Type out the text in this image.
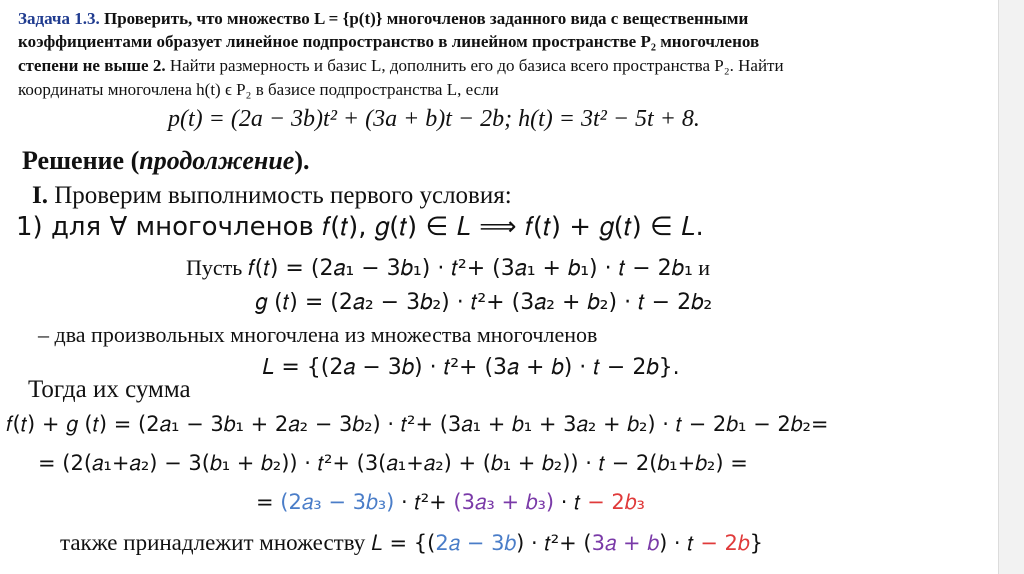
Задача 1.3. Проверить, что множество L = {p(t)} многочленов заданного вида с вещественными
коэффициентами образует линейное подпространство в линейном пространстве P₂ многочленов
степени не выше 2. Найти размерность и базис L, дополнить его до базиса всего пространства P₂. Найти
координаты многочлена h(t) ϵ P₂ в базисе подпространства L, если
p(t) = (2a − 3b)t² + (3a + b)t − 2b; h(t) = 3t² − 5t + 8.
Решение (продолжение).
I. Проверим выполнимость первого условия:
1) для ∀ многочленов 𝑓(𝑡), 𝑔(𝑡) ∈ 𝐿 ⟹ 𝑓(𝑡) + 𝑔(𝑡) ∈ 𝐿.
Пусть 𝑓(𝑡) = (2𝑎₁ − 3𝑏₁) · 𝑡²+ (3𝑎₁ + 𝑏₁) · 𝑡 − 2𝑏₁ и
𝑔 (𝑡) = (2𝑎₂ − 3𝑏₂) · 𝑡²+ (3𝑎₂ + 𝑏₂) · 𝑡 − 2𝑏₂
– два произвольных многочлена из множества многочленов
𝐿 = {(2𝑎 − 3𝑏) · 𝑡²+ (3𝑎 + 𝑏) · 𝑡 − 2𝑏}.
Тогда их сумма
𝑓(𝑡) + 𝑔 (𝑡) = (2𝑎₁ − 3𝑏₁ + 2𝑎₂ − 3𝑏₂) · 𝑡²+ (3𝑎₁ + 𝑏₁ + 3𝑎₂ + 𝑏₂) · 𝑡 − 2𝑏₁ − 2𝑏₂=
= (2(𝑎₁+𝑎₂) − 3(𝑏₁ + 𝑏₂)) · 𝑡²+ (3(𝑎₁+𝑎₂) + (𝑏₁ + 𝑏₂)) · 𝑡 − 2(𝑏₁+𝑏₂) =
= (2𝑎₃ − 3𝑏₃) · 𝑡²+ (3𝑎₃ + 𝑏₃) · 𝑡 − 2𝑏₃
также принадлежит множеству 𝐿 = {(2𝑎 − 3𝑏) · 𝑡²+ (3𝑎 + 𝑏) · 𝑡 − 2𝑏}
